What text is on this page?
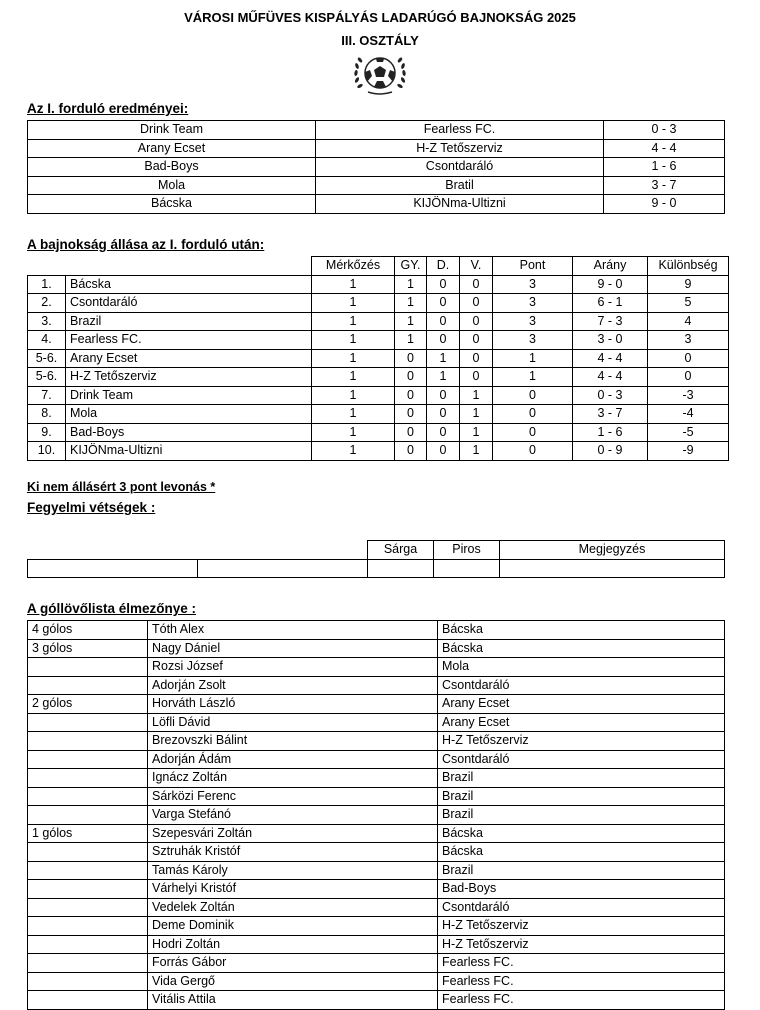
VÁROSI MŰFÜVES KISPÁLYÁS LADARÚGÓ BAJNOKSÁG 2025
III. OSZTÁLY
Az I. forduló eredményei:
Drink Team	Fearless FC.	0 - 3
Arany Ecset	H-Z Tetőszerviz	4 - 4
Bad-Boys	Csontdaráló	1 - 6
Mola	Bratil	3 - 7
Bácska	KIJÖNma-Ultizni	9 - 0
A bajnokság állása az I. forduló után:
		Mérkőzés	GY.	D.	V.	Pont	Arány	Különbség
1.	Bácska	1	1	0	0	3	9 - 0	9
2.	Csontdaráló	1	1	0	0	3	6 - 1	5
3.	Brazil	1	1	0	0	3	7 - 3	4
4.	Fearless FC.	1	1	0	0	3	3 - 0	3
5-6.	Arany Ecset	1	0	1	0	1	4 - 4	0
5-6.	H-Z Tetőszerviz	1	0	1	0	1	4 - 4	0
7.	Drink Team	1	0	0	1	0	0 - 3	-3
8.	Mola	1	0	0	1	0	3 - 7	-4
9.	Bad-Boys	1	0	0	1	0	1 - 6	-5
10.	KIJÖNma-Ultizni	1	0	0	1	0	0 - 9	-9
Ki nem állásért 3 pont levonás *
Fegyelmi vétségek :
		Sárga	Piros	Megjegyzés

A góllövőlista élmezőnye :
4 gólos	Tóth Alex	Bácska
3 gólos	Nagy Dániel	Bácska
	Rozsi József	Mola
	Adorján Zsolt	Csontdaráló
2 gólos	Horváth László	Arany Ecset
	Löfli Dávid	Arany Ecset
	Brezovszki Bálint	H-Z Tetőszerviz
	Adorján Ádám	Csontdaráló
	Ignácz Zoltán	Brazil
	Sárközi Ferenc	Brazil
	Varga Stefánó	Brazil
1 gólos	Szepesvári Zoltán	Bácska
	Sztruhák Kristóf	Bácska
	Tamás Károly	Brazil
	Várhelyi Kristóf	Bad-Boys
	Vedelek Zoltán	Csontdaráló
	Deme Dominik	H-Z Tetőszerviz
	Hodri Zoltán	H-Z Tetőszerviz
	Forrás Gábor	Fearless FC.
	Vida Gergő	Fearless FC.
	Vitális Attila	Fearless FC.
